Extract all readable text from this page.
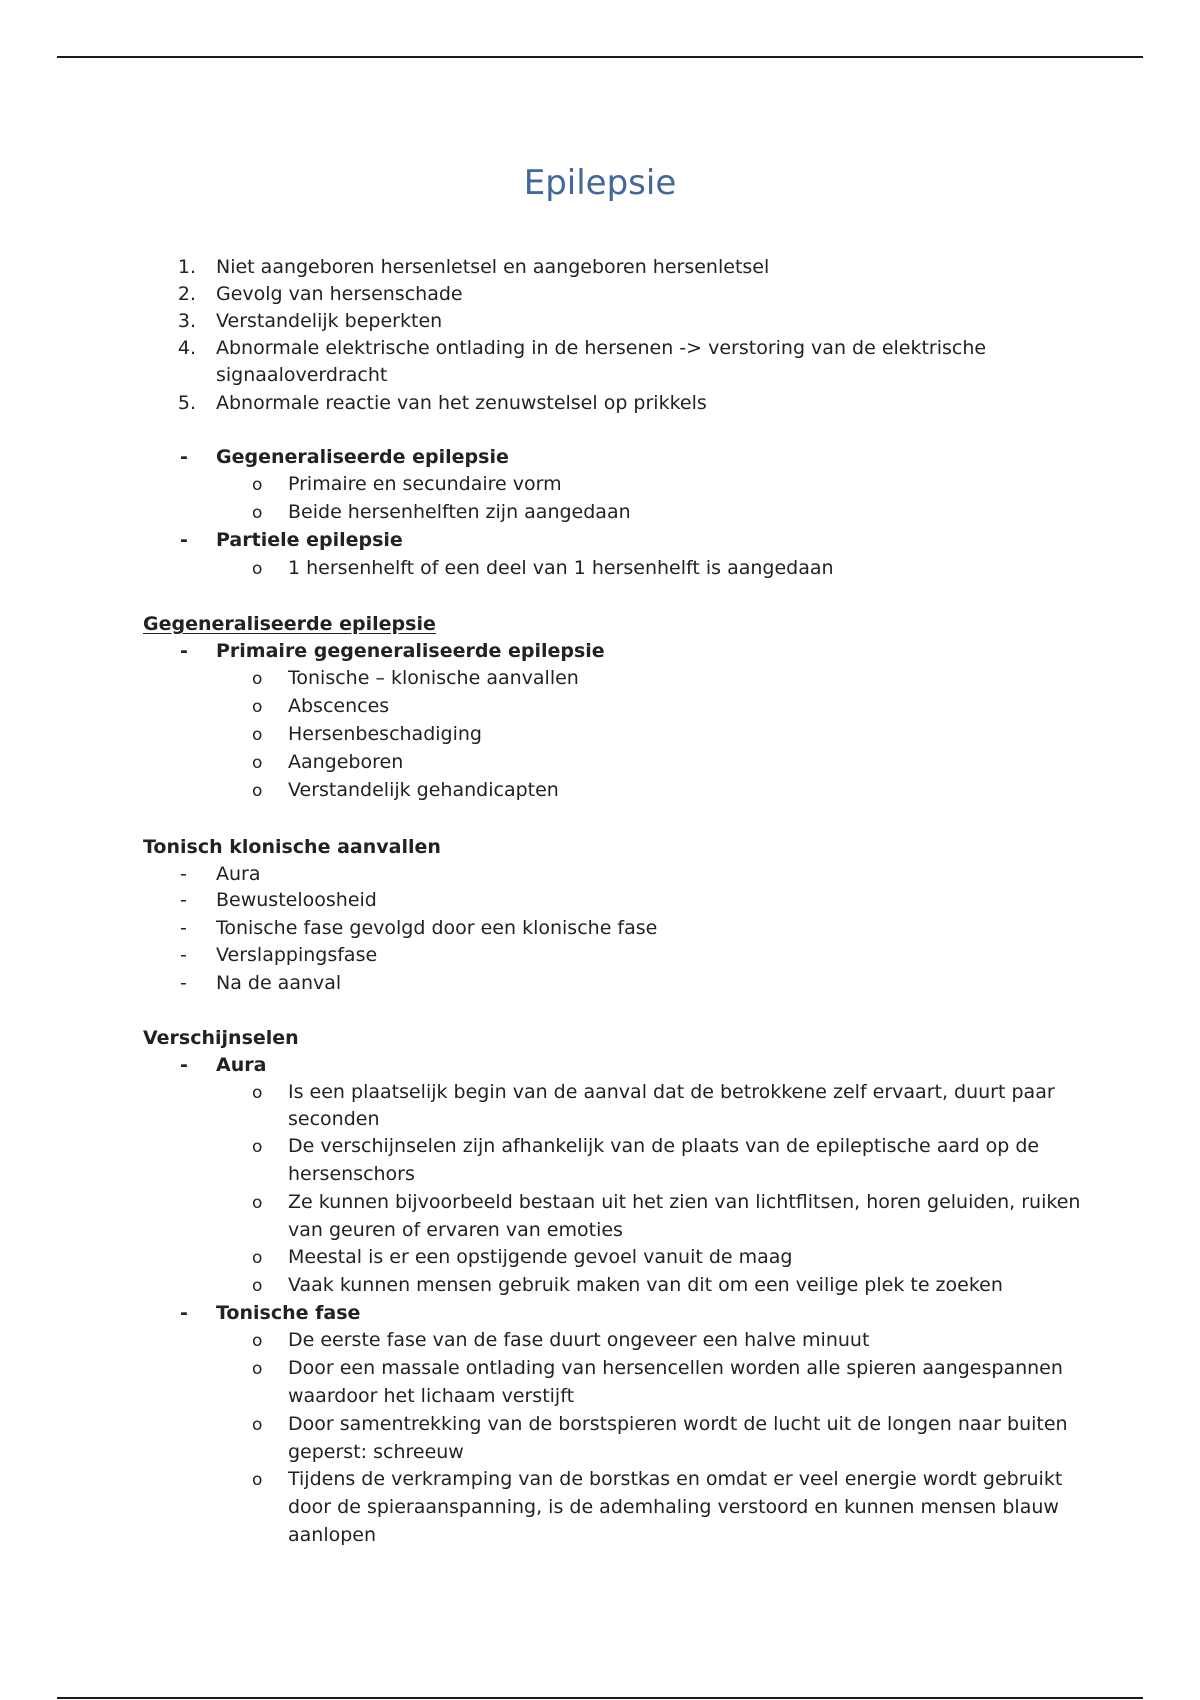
Epilepsie
1. Niet aangeboren hersenletsel en aangeboren hersenletsel
2. Gevolg van hersenschade
3. Verstandelijk beperkten
4. Abnormale elektrische ontlading in de hersenen -> verstoring van de elektrische
signaaloverdracht
5. Abnormale reactie van het zenuwstelsel op prikkels
- Gegeneraliseerde epilepsie
o Primaire en secundaire vorm
o Beide hersenhelften zijn aangedaan
- Partiele epilepsie
o 1 hersenhelft of een deel van 1 hersenhelft is aangedaan
Gegeneraliseerde epilepsie
- Primaire gegeneraliseerde epilepsie
o Tonische – klonische aanvallen
o Abscences
o Hersenbeschadiging
o Aangeboren
o Verstandelijk gehandicapten
Tonisch klonische aanvallen
- Aura
- Bewusteloosheid
- Tonische fase gevolgd door een klonische fase
- Verslappingsfase
- Na de aanval
Verschijnselen
- Aura
o Is een plaatselijk begin van de aanval dat de betrokkene zelf ervaart, duurt paar
seconden
o De verschijnselen zijn afhankelijk van de plaats van de epileptische aard op de
hersenschors
o Ze kunnen bijvoorbeeld bestaan uit het zien van lichtflitsen, horen geluiden, ruiken
van geuren of ervaren van emoties
o Meestal is er een opstijgende gevoel vanuit de maag
o Vaak kunnen mensen gebruik maken van dit om een veilige plek te zoeken
- Tonische fase
o De eerste fase van de fase duurt ongeveer een halve minuut
o Door een massale ontlading van hersencellen worden alle spieren aangespannen
waardoor het lichaam verstijft
o Door samentrekking van de borstspieren wordt de lucht uit de longen naar buiten
geperst: schreeuw
o Tijdens de verkramping van de borstkas en omdat er veel energie wordt gebruikt
door de spieraanspanning, is de ademhaling verstoord en kunnen mensen blauw
aanlopen
